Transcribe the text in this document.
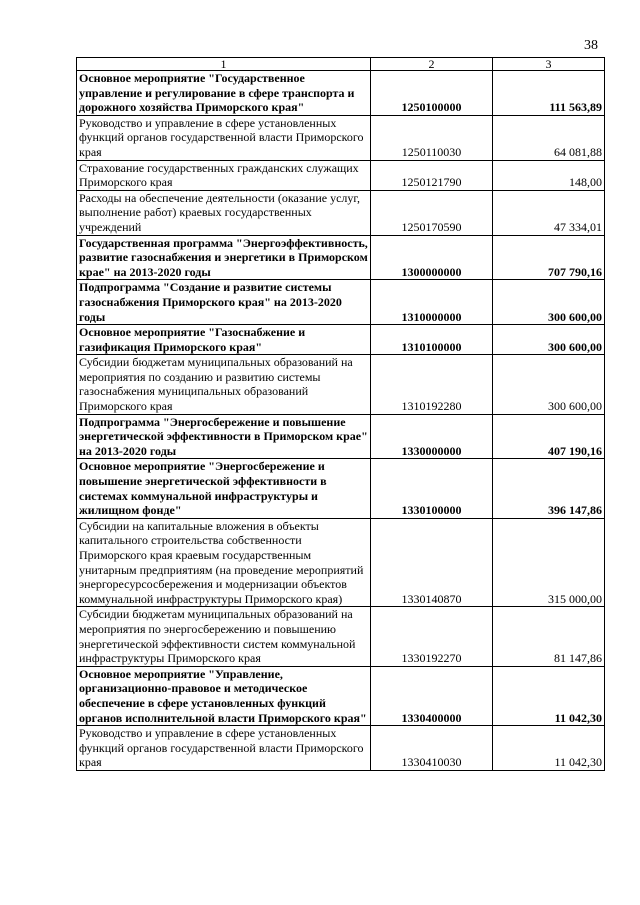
38
1	2	3
Основное мероприятие "Государственное управление и регулирование в сфере транспорта и дорожного хозяйства Приморского края"	1250100000	111 563,89
Руководство и управление в сфере установленных функций органов государственной власти Приморского края	1250110030	64 081,88
Страхование государственных гражданских служащих Приморского края	1250121790	148,00
Расходы на обеспечение деятельности (оказание услуг, выполнение работ) краевых государственных учреждений	1250170590	47 334,01
Государственная программа "Энергоэффективность, развитие газоснабжения и энергетики в Приморском крае" на 2013-2020 годы	1300000000	707 790,16
Подпрограмма "Создание и развитие системы газоснабжения Приморского края" на 2013-2020 годы	1310000000	300 600,00
Основное мероприятие "Газоснабжение и газификация Приморского края"	1310100000	300 600,00
Субсидии бюджетам муниципальных образований на мероприятия по созданию и развитию системы газоснабжения муниципальных образований Приморского края	1310192280	300 600,00
Подпрограмма "Энергосбережение и повышение энергетической эффективности в Приморском крае" на 2013-2020 годы	1330000000	407 190,16
Основное мероприятие "Энергосбережение и повышение энергетической эффективности в системах коммунальной инфраструктуры и жилищном фонде"	1330100000	396 147,86
Субсидии на капитальные вложения в объекты капитального строительства собственности Приморского края краевым государственным унитарным предприятиям (на проведение мероприятий энергоресурсосбережения и модернизации объектов коммунальной инфраструктуры Приморского края)	1330140870	315 000,00
Субсидии бюджетам муниципальных образований на мероприятия по энергосбережению и повышению энергетической эффективности систем коммунальной инфраструктуры Приморского края	1330192270	81 147,86
Основное мероприятие "Управление, организационно-правовое и методическое обеспечение в сфере установленных функций органов исполнительной власти Приморского края"	1330400000	11 042,30
Руководство и управление в сфере установленных функций органов государственной власти Приморского края	1330410030	11 042,30
